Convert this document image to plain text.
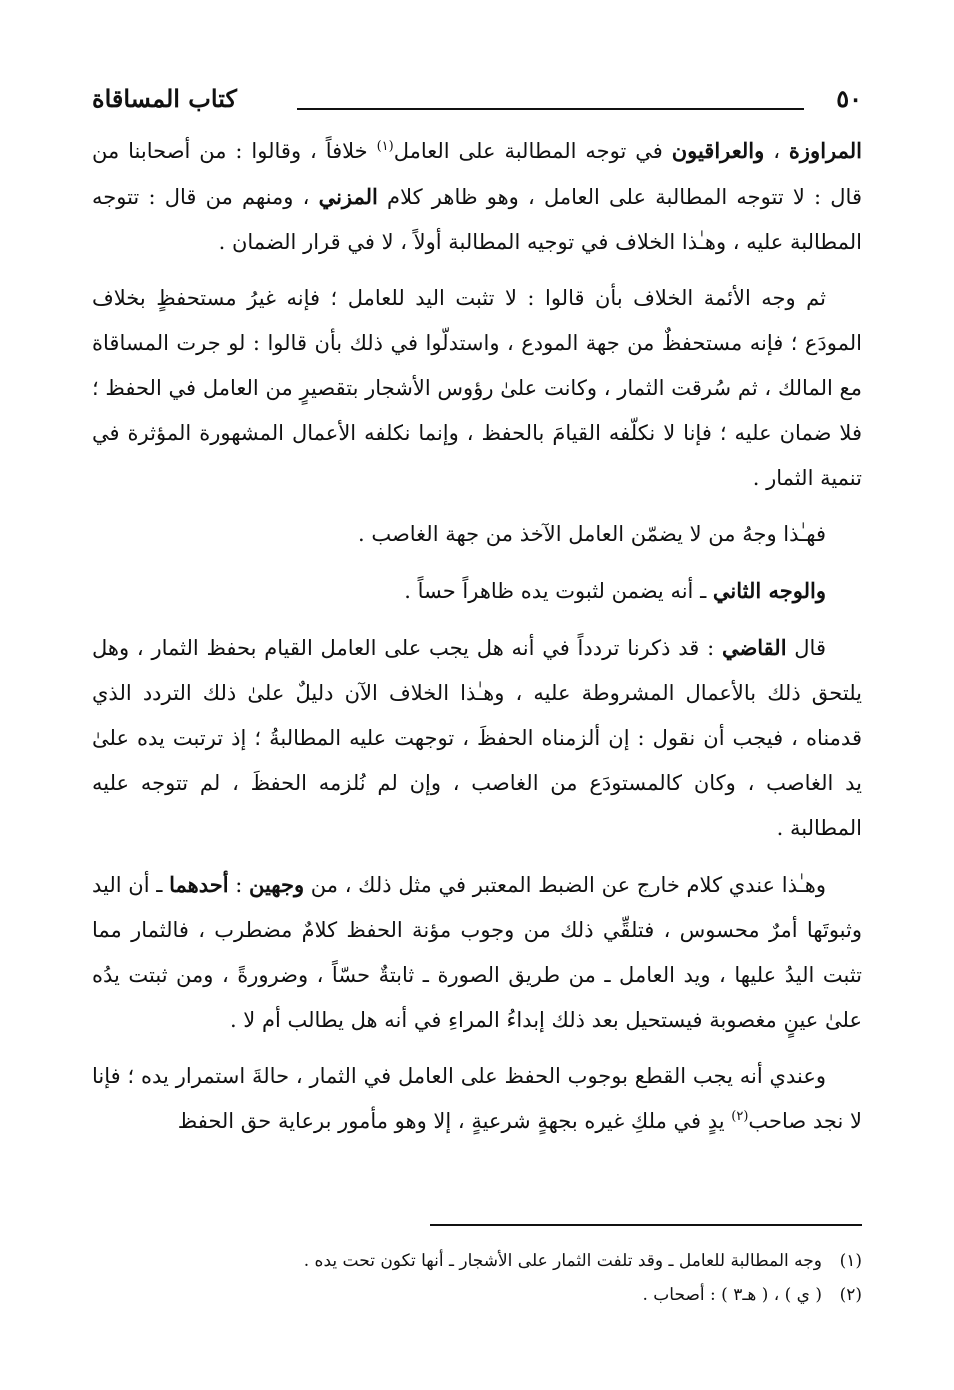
٥٠
كتاب المساقاة

المراوزة ، والعراقيون في توجه المطالبة على العامل$^{(١)}$ خلافاً ، وقالوا : من أصحابنا من قال : لا تتوجه المطالبة على العامل ، وهو ظاهر كلام المزني ، ومنهم من قال : تتوجه المطالبة عليه ، وهـٰذا الخلاف في توجيه المطالبة أولاً ، لا في قرار الضمان .

ثم وجه الأئمة الخلاف بأن قالوا : لا تثبت اليد للعامل ؛ فإنه غيرُ مستحفظٍ بخلاف المودَع ؛ فإنه مستحفظٌ من جهة المودع ، واستدلّوا في ذلك بأن قالوا : لو جرت المساقاة مع المالك ، ثم سُرقت الثمار ، وكانت علىٰ رؤوس الأشجار بتقصيرٍ من العامل في الحفظ ؛ فلا ضمان عليه ؛ فإنا لا نكلّفه القيامَ بالحفظ ، وإنما نكلفه الأعمال المشهورة المؤثرة في تنمية الثمار .

فهـٰذا وجهُ من لا يضمّن العامل الآخذ من جهة الغاصب .

والوجه الثاني ـ أنه يضمن لثبوت يده ظاهراً حساً .

قال القاضي : قد ذكرنا تردداً في أنه هل يجب على العامل القيام بحفظ الثمار ، وهل يلتحق ذلك بالأعمال المشروطة عليه ، وهـٰذا الخلاف الآن دليلٌ علىٰ ذلك التردد الذي قدمناه ، فيجب أن نقول : إن ألزمناه الحفظَ ، توجهت عليه المطالبةُ ؛ إذ ترتبت يده علىٰ يد الغاصب ، وكان كالمستودَع من الغاصب ، وإن لم نُلزمه الحفظَ ، لم تتوجه عليه المطالبة .

وهـٰذا عندي كلام خارج عن الضبط المعتبر في مثل ذلك ، من وجهين : أحدهما ـ أن اليد وثبوتَها أمرٌ محسوس ، فتلقِّي ذلك من وجوب مؤنة الحفظ كلامٌ مضطرب ، فالثمار مما تثبت اليدُ عليها ، ويد العامل ـ من طريق الصورة ـ ثابتةٌ حسّاً ، وضرورةً ، ومن ثبتت يدُه علىٰ عينٍ مغصوبة فيستحيل بعد ذلك إبداءُ المراءِ في أنه هل يطالب أم لا .

وعندي أنه يجب القطع بوجوب الحفظ على العامل في الثمار ، حالةَ استمرار يده ؛ فإنا لا نجد صاحب$^{(٢)}$ يدٍ في ملكِ غيره بجهةٍ شرعيةٍ ، إلا وهو مأمور برعاية حق الحفظ

(١)وجه المطالبة للعامل ـ وقد تلفت الثمار على الأشجار ـ أنها تكون تحت يده .

(٢)( ي ) ، ( هـ٣ ) : أصحاب .
